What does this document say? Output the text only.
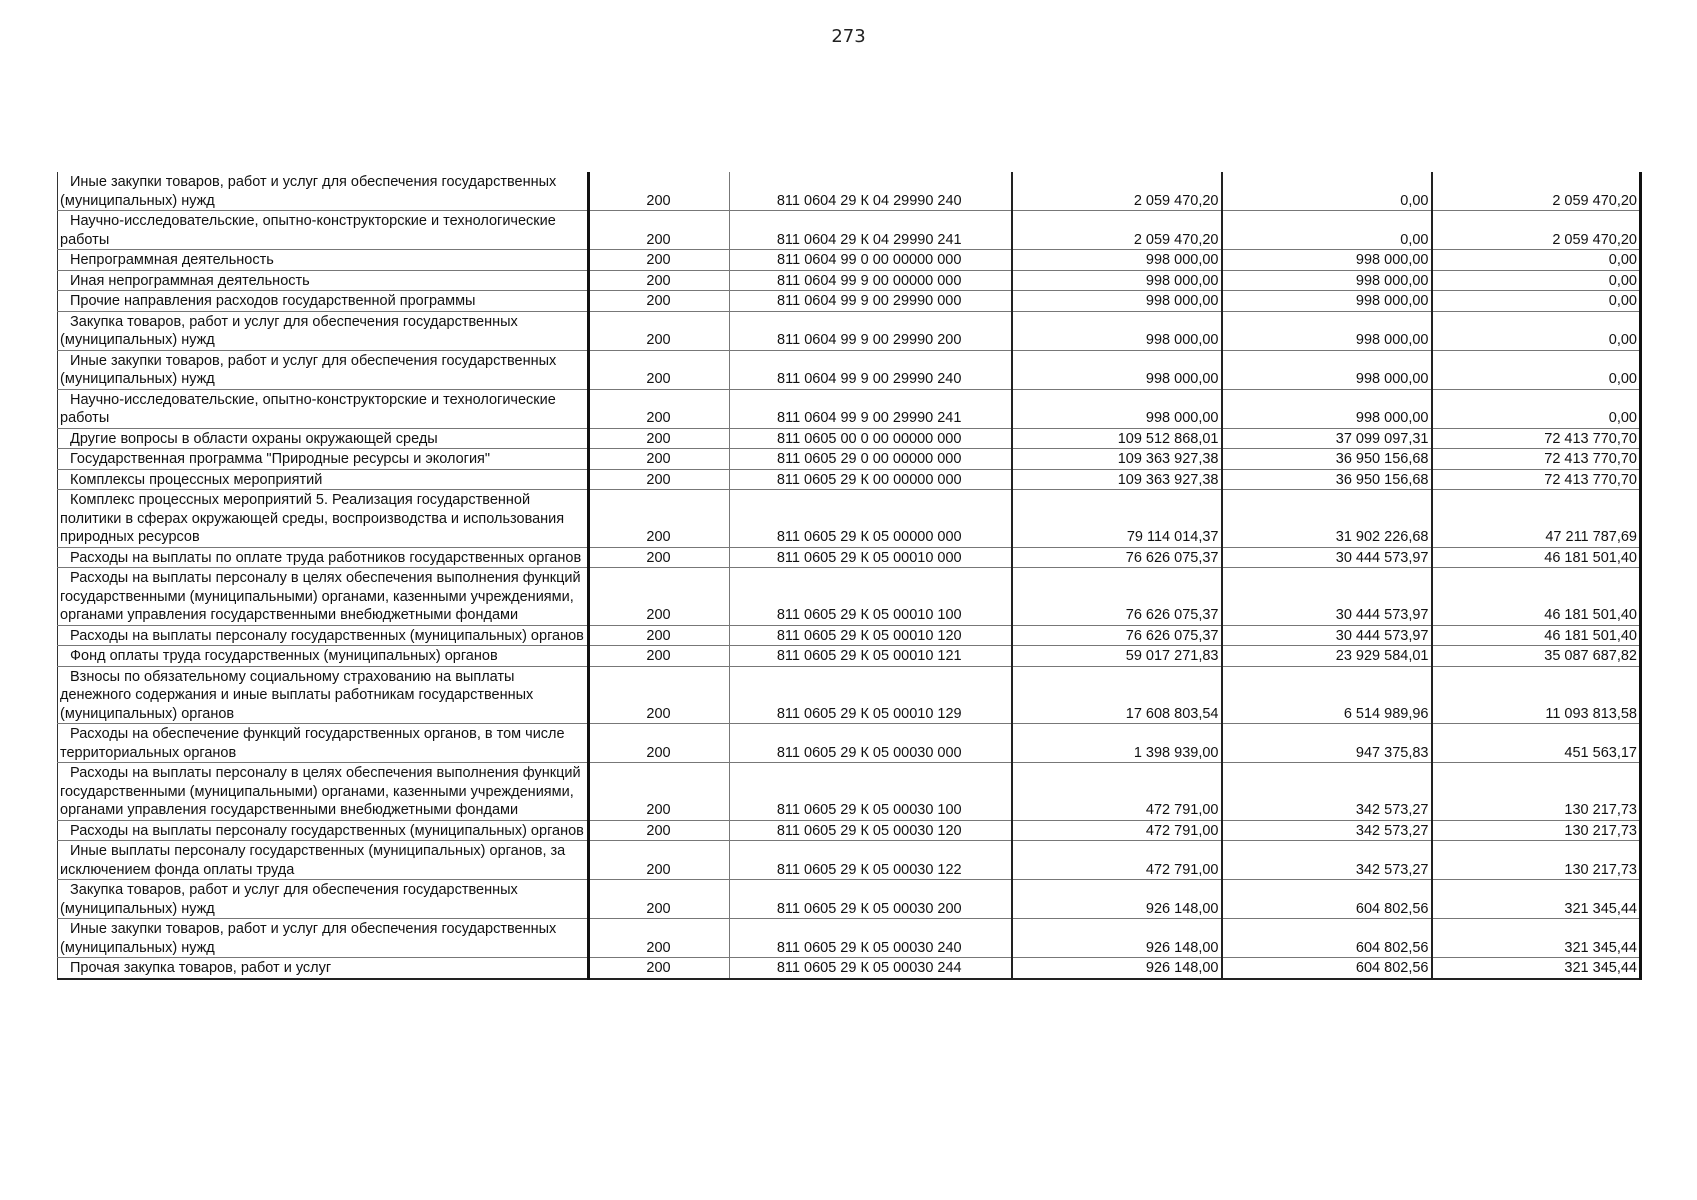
273
Иные закупки товаров, работ и услуг для обеспечения государственных (муниципальных) нужд	200	811 0604 29 К 04 29990 240	2 059 470,20	0,00	2 059 470,20

Научно-исследовательские, опытно-конструкторские и технологические работы	200	811 0604 29 К 04 29990 241	2 059 470,20	0,00	2 059 470,20

Непрограммная деятельность	200	811 0604 99 0 00 00000 000	998 000,00	998 000,00	0,00

Иная непрограммная деятельность	200	811 0604 99 9 00 00000 000	998 000,00	998 000,00	0,00

Прочие направления расходов государственной программы	200	811 0604 99 9 00 29990 000	998 000,00	998 000,00	0,00

Закупка товаров, работ и услуг для обеспечения государственных (муниципальных) нужд	200	811 0604 99 9 00 29990 200	998 000,00	998 000,00	0,00

Иные закупки товаров, работ и услуг для обеспечения государственных (муниципальных) нужд	200	811 0604 99 9 00 29990 240	998 000,00	998 000,00	0,00

Научно-исследовательские, опытно-конструкторские и технологические работы	200	811 0604 99 9 00 29990 241	998 000,00	998 000,00	0,00

Другие вопросы в области охраны окружающей среды	200	811 0605 00 0 00 00000 000	109 512 868,01	37 099 097,31	72 413 770,70

Государственная программа "Природные ресурсы и экология"	200	811 0605 29 0 00 00000 000	109 363 927,38	36 950 156,68	72 413 770,70

Комплексы процессных мероприятий	200	811 0605 29 К 00 00000 000	109 363 927,38	36 950 156,68	72 413 770,70

Комплекс процессных мероприятий 5. Реализация государственной политики в сферах окружающей среды, воспроизводства и использования природных ресурсов	200	811 0605 29 К 05 00000 000	79 114 014,37	31 902 226,68	47 211 787,69

Расходы на выплаты по оплате труда работников государственных органов	200	811 0605 29 К 05 00010 000	76 626 075,37	30 444 573,97	46 181 501,40

Расходы на выплаты персоналу в целях обеспечения выполнения функций государственными (муниципальными) органами, казенными учреждениями, органами управления государственными внебюджетными фондами	200	811 0605 29 К 05 00010 100	76 626 075,37	30 444 573,97	46 181 501,40

Расходы на выплаты персоналу государственных (муниципальных) органов	200	811 0605 29 К 05 00010 120	76 626 075,37	30 444 573,97	46 181 501,40

Фонд оплаты труда государственных (муниципальных) органов	200	811 0605 29 К 05 00010 121	59 017 271,83	23 929 584,01	35 087 687,82

Взносы по обязательному социальному страхованию на выплаты денежного содержания и иные выплаты работникам государственных (муниципальных) органов	200	811 0605 29 К 05 00010 129	17 608 803,54	6 514 989,96	11 093 813,58

Расходы на обеспечение функций государственных органов, в том числе территориальных органов	200	811 0605 29 К 05 00030 000	1 398 939,00	947 375,83	451 563,17

Расходы на выплаты персоналу в целях обеспечения выполнения функций государственными (муниципальными) органами, казенными учреждениями, органами управления государственными внебюджетными фондами	200	811 0605 29 К 05 00030 100	472 791,00	342 573,27	130 217,73

Расходы на выплаты персоналу государственных (муниципальных) органов	200	811 0605 29 К 05 00030 120	472 791,00	342 573,27	130 217,73

Иные выплаты персоналу государственных (муниципальных) органов, за исключением фонда оплаты труда	200	811 0605 29 К 05 00030 122	472 791,00	342 573,27	130 217,73

Закупка товаров, работ и услуг для обеспечения государственных (муниципальных) нужд	200	811 0605 29 К 05 00030 200	926 148,00	604 802,56	321 345,44

Иные закупки товаров, работ и услуг для обеспечения государственных (муниципальных) нужд	200	811 0605 29 К 05 00030 240	926 148,00	604 802,56	321 345,44

Прочая закупка товаров, работ и услуг	200	811 0605 29 К 05 00030 244	926 148,00	604 802,56	321 345,44
